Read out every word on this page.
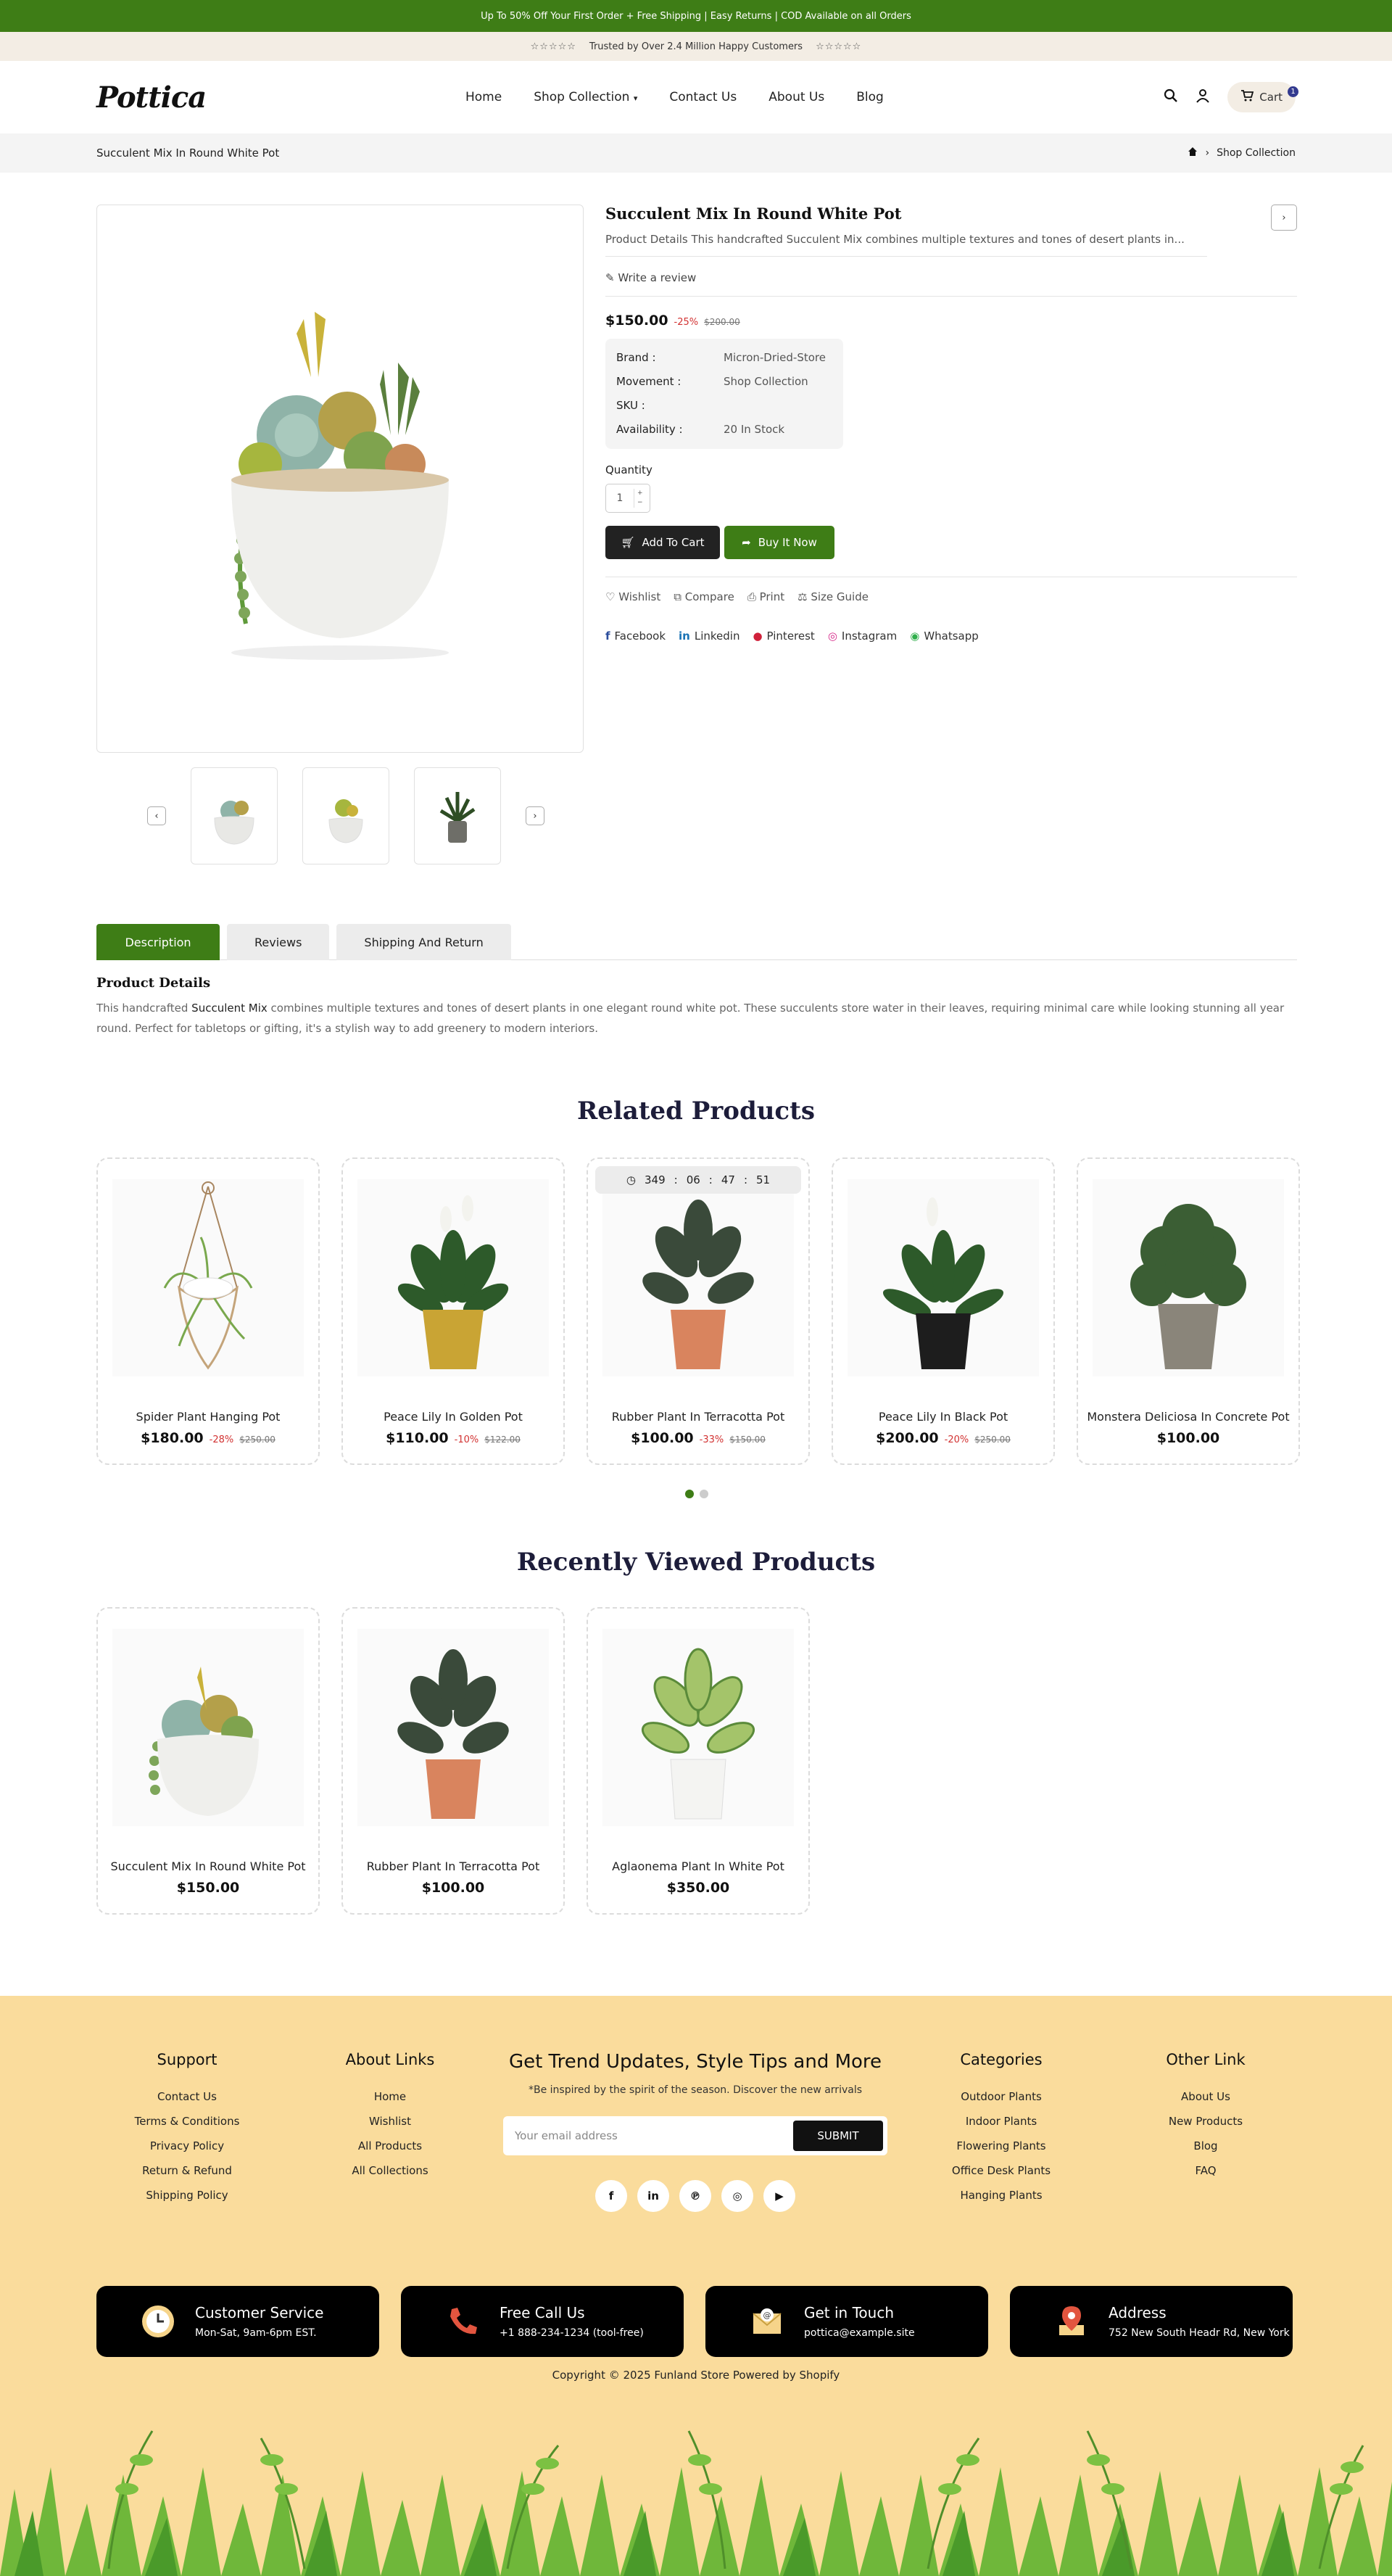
Up To 50% Off Your First Order + Free Shipping | Easy Returns | COD Available on all Orders
☆☆☆☆☆ Trusted by Over 2.4 Million Happy Customers ☆☆☆☆☆
Pottica	Home	Shop Collection ▾	Contact Us	About Us	Blog	Cart	1
Succulent Mix In Round White Pot	› Shop Collection
‹	›
›
Succulent Mix In Round White Pot
Product Details This handcrafted Succulent Mix combines multiple textures and tones of desert plants in...
✎ Write a review
$150.00 -25% $200.00
Brand :	Micron-Dried-Store
Movement :	Shop Collection
SKU :
Availability :	20 In Stock
Quantity
1	+
−
🛒︎ Add To Cart	➦ Buy It Now
♡ Wishlist ⧉ Compare ⎙ Print ⚖ Size Guide
f Facebook in Linkedin ● Pinterest ◎ Instagram ◉ Whatsapp
Description	Reviews	Shipping And Return
Product Details
This handcrafted Succulent Mix combines multiple textures and tones of desert plants in one elegant round white pot. These succulents store water in their leaves, requiring minimal care while looking stunning all year round. Perfect for tabletops or gifting, it's a stylish way to add greenery to modern interiors.
Related Products
Spider Plant Hanging Pot
$180.00 -28% $250.00
Peace Lily In Golden Pot
$110.00 -10% $122.00
◷ 349 : 06 : 47 : 51
Rubber Plant In Terracotta Pot
$100.00 -33% $150.00
Peace Lily In Black Pot
$200.00 -20% $250.00
Monstera Deliciosa In Concrete Pot
$100.00
Recently Viewed Products
Succulent Mix In Round White Pot
$150.00
Rubber Plant In Terracotta Pot
$100.00
Aglaonema Plant In White Pot
$350.00
Support
Contact Us
Terms & Conditions
Privacy Policy
Return & Refund
Shipping Policy
About Links
Home
Wishlist
All Products
All Collections
Get Trend Updates, Style Tips and More

*Be inspired by the spirit of the season. Discover the new arrivals

Your email address	SUBMIT
f	in	℗	◎	▶
Categories
Outdoor Plants
Indoor Plants
Flowering Plants
Office Desk Plants
Hanging Plants
Other Link
About Us
New Products
Blog
FAQ
Customer Service
Mon-Sat, 9am-6pm EST.
Free Call Us
+1 888-234-1234 (tool-free)
@ Get in Touch
pottica@example.site
Address
752 New South Headr Rd, New York
Copyright © 2025 Funland Store Powered by Shopify
